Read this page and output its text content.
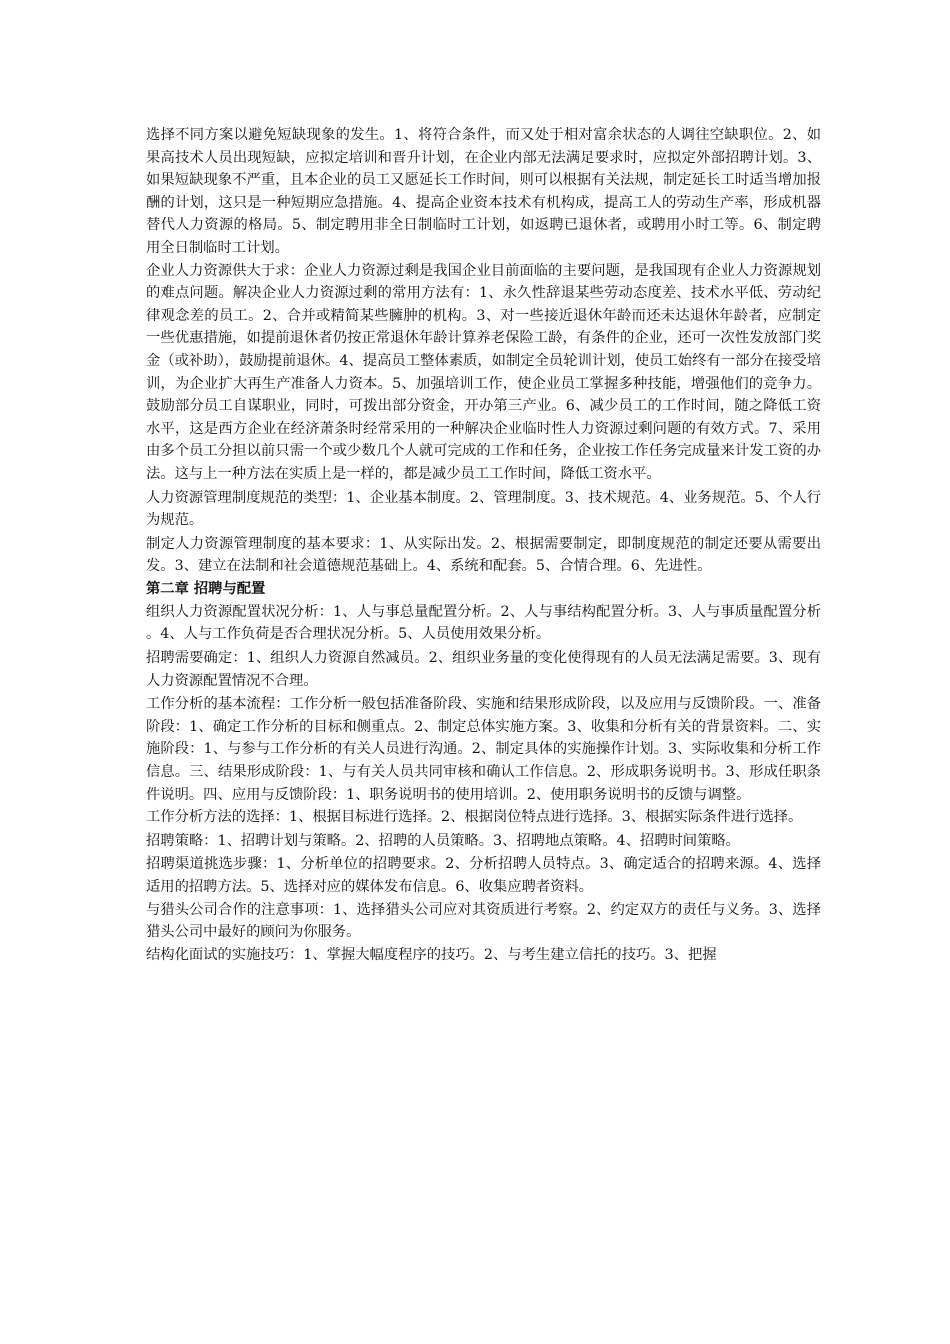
选择不同方案以避免短缺现象的发生。1、将符合条件，而又处于相对富余状态的人调往空缺职位。2、如果高技术人员出现短缺，应拟定培训和晋升计划，在企业内部无法满足要求时，应拟定外部招聘计划。3、如果短缺现象不严重，且本企业的员工又愿延长工作时间，则可以根据有关法规，制定延长工时适当增加报酬的计划，这只是一种短期应急措施。4、提高企业资本技术有机构成，提高工人的劳动生产率，形成机器替代人力资源的格局。5、制定聘用非全日制临时工计划，如返聘已退休者，或聘用小时工等。6、制定聘用全日制临时工计划。

企业人力资源供大于求：企业人力资源过剩是我国企业目前面临的主要问题，是我国现有企业人力资源规划的难点问题。解决企业人力资源过剩的常用方法有：1、永久性辞退某些劳动态度差、技术水平低、劳动纪律观念差的员工。2、合并或精简某些臃肿的机构。3、对一些接近退休年龄而还未达退休年龄者，应制定一些优惠措施，如提前退休者仍按正常退休年龄计算养老保险工龄，有条件的企业，还可一次性发放部门奖金（或补助），鼓励提前退休。4、提高员工整体素质，如制定全员轮训计划，使员工始终有一部分在接受培训，为企业扩大再生产准备人力资本。5、加强培训工作，使企业员工掌握多种技能，增强他们的竞争力。鼓励部分员工自谋职业，同时，可拨出部分资金，开办第三产业。6、减少员工的工作时间，随之降低工资水平，这是西方企业在经济萧条时经常采用的一种解决企业临时性人力资源过剩问题的有效方式。7、采用由多个员工分担以前只需一个或少数几个人就可完成的工作和任务，企业按工作任务完成量来计发工资的办法。这与上一种方法在实质上是一样的，都是减少员工工作时间，降低工资水平。

人力资源管理制度规范的类型：1、企业基本制度。2、管理制度。3、技术规范。4、业务规范。5、个人行为规范。

制定人力资源管理制度的基本要求：1、从实际出发。2、根据需要制定，即制度规范的制定还要从需要出发。3、建立在法制和社会道德规范基础上。4、系统和配套。5、合情合理。6、先进性。

第二章 招聘与配置

组织人力资源配置状况分析：1、人与事总量配置分析。2、人与事结构配置分析。3、人与事质量配置分析。4、人与工作负荷是否合理状况分析。5、人员使用效果分析。

招聘需要确定：1、组织人力资源自然减员。2、组织业务量的变化使得现有的人员无法满足需要。3、现有人力资源配置情况不合理。

工作分析的基本流程：工作分析一般包括准备阶段、实施和结果形成阶段，以及应用与反馈阶段。一、准备阶段：1、确定工作分析的目标和侧重点。2、制定总体实施方案。3、收集和分析有关的背景资料。二、实施阶段：1、与参与工作分析的有关人员进行沟通。2、制定具体的实施操作计划。3、实际收集和分析工作信息。三、结果形成阶段：1、与有关人员共同审核和确认工作信息。2、形成职务说明书。3、形成任职条件说明。四、应用与反馈阶段：1、职务说明书的使用培训。2、使用职务说明书的反馈与调整。

工作分析方法的选择：1、根据目标进行选择。2、根据岗位特点进行选择。3、根据实际条件进行选择。

招聘策略：1、招聘计划与策略。2、招聘的人员策略。3、招聘地点策略。4、招聘时间策略。

招聘渠道挑选步骤：1、分析单位的招聘要求。2、分析招聘人员特点。3、确定适合的招聘来源。4、选择适用的招聘方法。5、选择对应的媒体发布信息。6、收集应聘者资料。

与猎头公司合作的注意事项：1、选择猎头公司应对其资质进行考察。2、约定双方的责任与义务。3、选择猎头公司中最好的顾问为你服务。

结构化面试的实施技巧：1、掌握大幅度程序的技巧。2、与考生建立信托的技巧。3、把握
